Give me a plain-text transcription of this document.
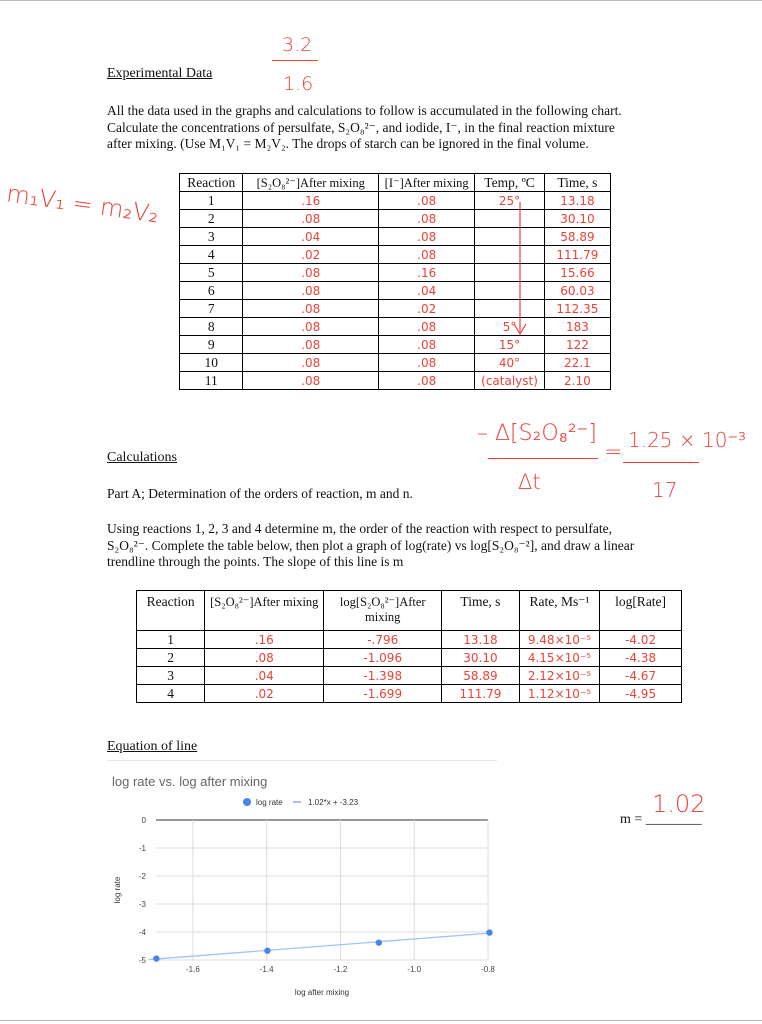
3.2
1.6
Experimental Data
All the data used in the graphs and calculations to follow is accumulated in the following chart.
Calculate the concentrations of persulfate, S₂O₈²⁻, and iodide, I⁻, in the final reaction mixture
after mixing. (Use M₁V₁ = M₂V₂. The drops of starch can be ignored in the final volume.
m₁V₁ = m₂V₂ Reaction	[S₂O₈²⁻]After mixing	[I⁻]After mixing	Temp, ºC	Time, s
1	.16	.08	25°	13.18
2	.08	.08		30.10
3	.04	.08		58.89
4	.02	.08		111.79
5	.08	.16		15.66
6	.08	.04		60.03
7	.08	.02		112.35
8	.08	.08	5°	183
9	.08	.08	15°	122
10	.08	.08	40°	22.1
11	.08	.08	(catalyst)	2.10
– Δ[S₂O₈²⁻]
Δt
= 1.25 × 10⁻³
17
Calculations
Part A; Determination of the orders of reaction, m and n.
Using reactions 1, 2, 3 and 4 determine m, the order of the reaction with respect to persulfate,
S₂O₈²⁻. Complete the table below, then plot a graph of log(rate) vs log[S₂O₈⁻²], and draw a linear
trendline through the points. The slope of this line is m
Reaction	[S₂O₈²⁻]After mixing	log[S₂O₈²⁻]After mixing	Time, s	Rate, Ms⁻¹	log[Rate]
1	.16	-.796	13.18	9.48×10⁻⁵	-4.02
2	.08	-1.096	30.10	4.15×10⁻⁵	-4.38
3	.04	-1.398	58.89	2.12×10⁻⁵	-4.67
4	.02	-1.699	111.79	1.12×10⁻⁵	-4.95
Equation of line
log rate vs. log after mixing
0
-1
-2
-3
-4
-5
-1.6	-1.4	-1.2	-1.0	-0.8
log rate	1.02*x + -3.23
log after mixing
log rate
m = ________
1.02
